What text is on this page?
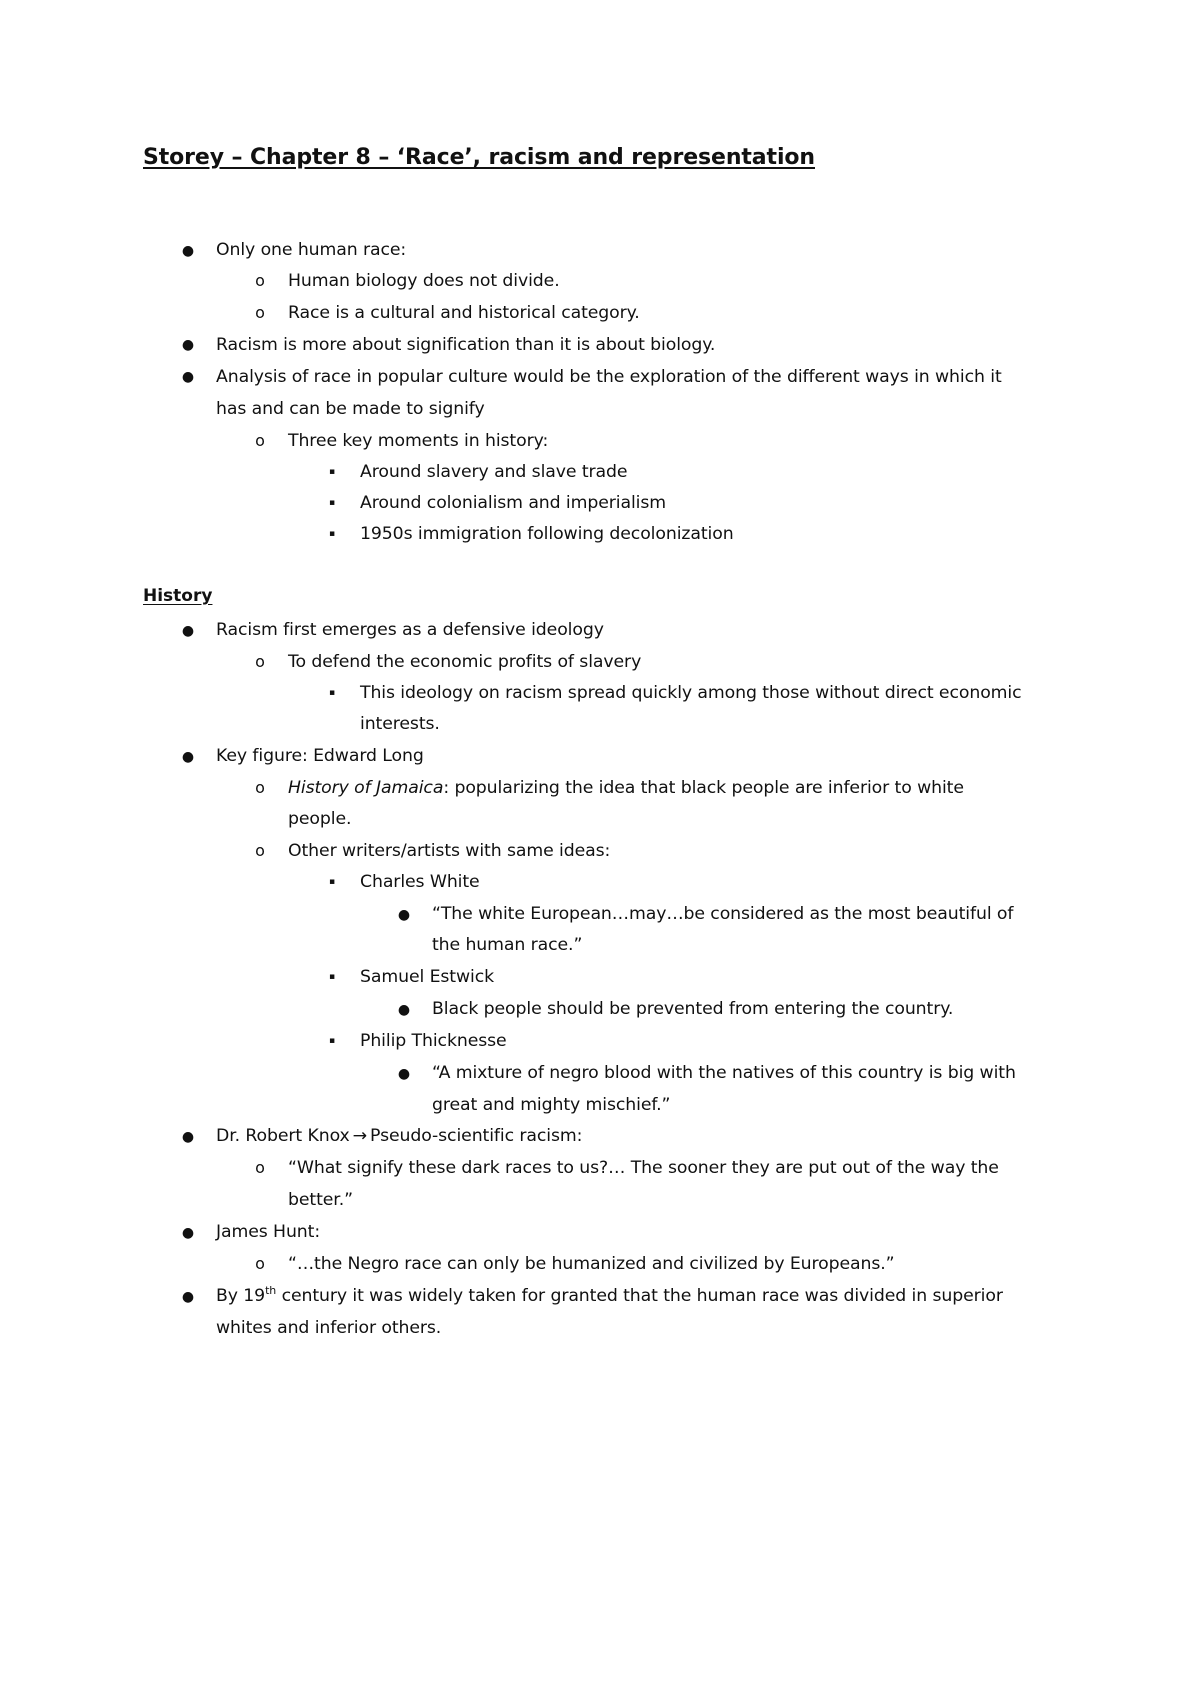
Storey – Chapter 8 – ‘Race’, racism and representation
● Only one human race:
o Human biology does not divide.
o Race is a cultural and historical category.
● Racism is more about signification than it is about biology.
● Analysis of race in popular culture would be the exploration of the different ways in which it
has and can be made to signify
o Three key moments in history:
▪	Around slavery and slave trade
▪	Around colonialism and imperialism
▪	1950s immigration following decolonization
History
● Racism first emerges as a defensive ideology
o To defend the economic profits of slavery
▪	This ideology on racism spread quickly among those without direct economic
interests.
● Key figure: Edward Long
o History of Jamaica: popularizing the idea that black people are inferior to white
people.
o Other writers/artists with same ideas:
▪	Charles White
● “The white European…may…be considered as the most beautiful of
the human race.”
▪	Samuel Estwick
● Black people should be prevented from entering the country.
▪	Philip Thicknesse
● “A mixture of negro blood with the natives of this country is big with
great and mighty mischief.”
● Dr. Robert Knox → Pseudo-scientific racism:
o “What signify these dark races to us?… The sooner they are put out of the way the
better.”
● James Hunt:
o “…the Negro race can only be humanized and civilized by Europeans.”
● By 19th century it was widely taken for granted that the human race was divided in superior
whites and inferior others.
